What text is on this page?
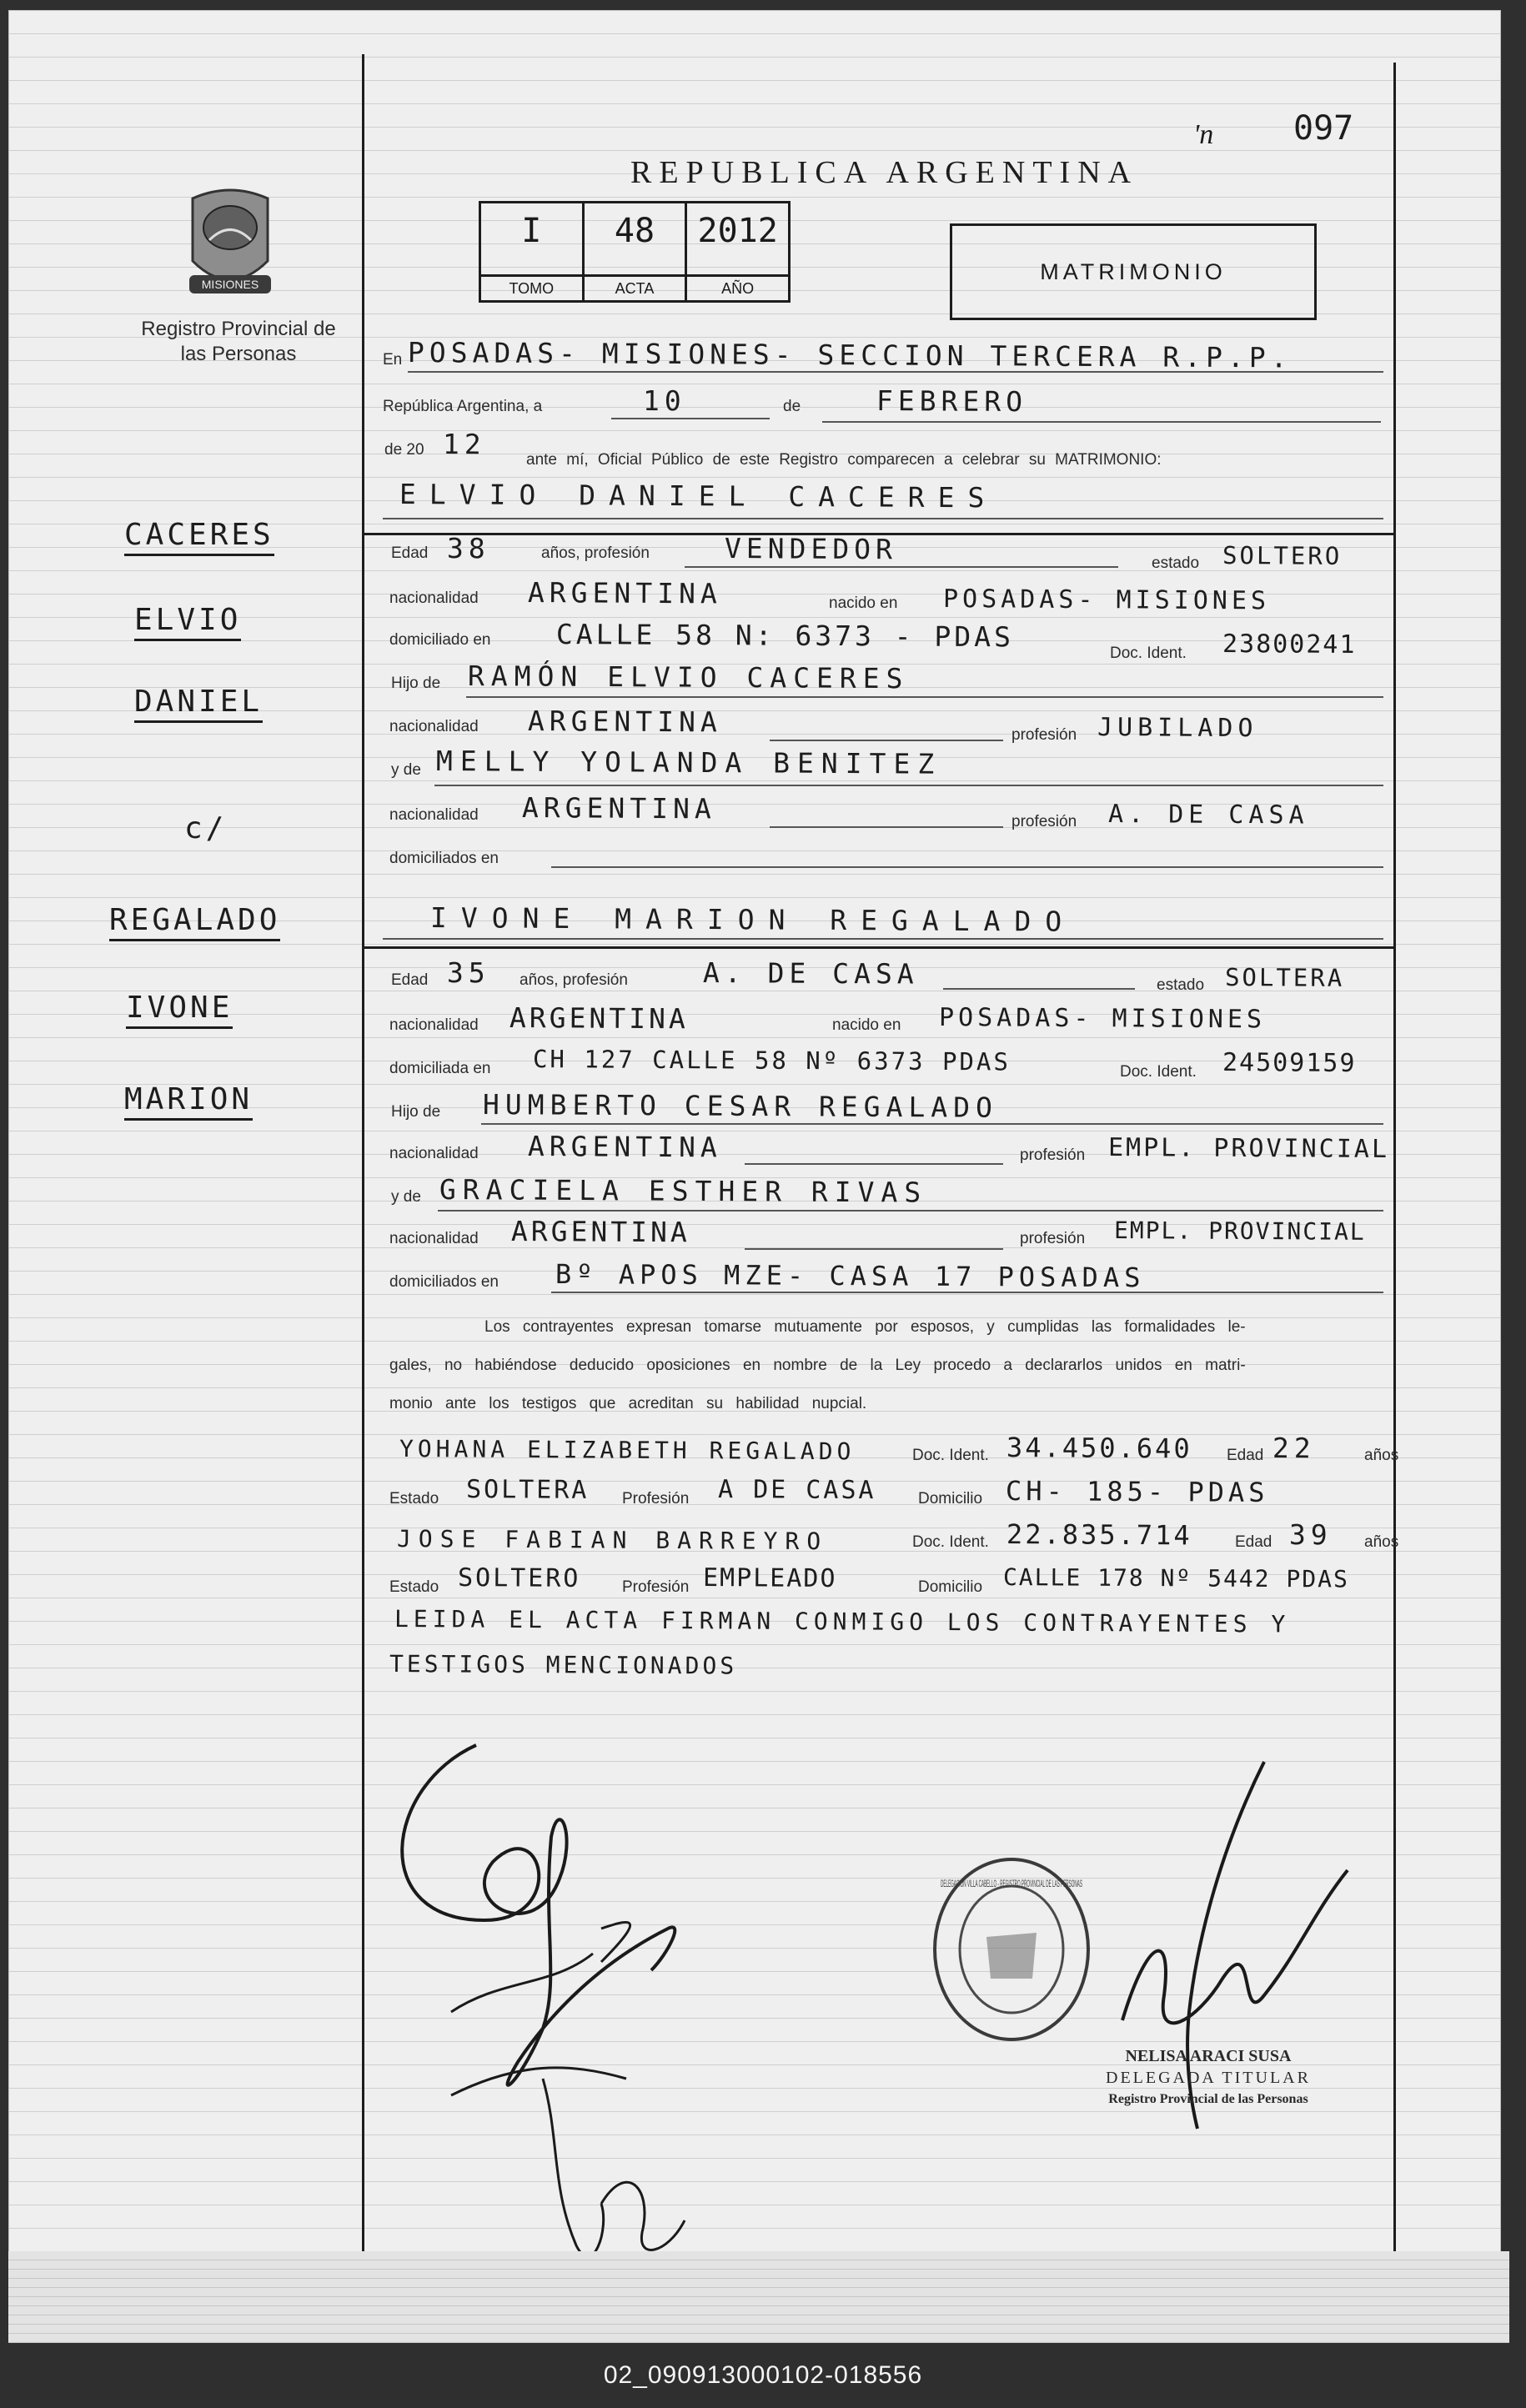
MISIONES
Registro Provincial de las Personas
REPUBLICA ARGENTINA
'n 097
I
TOMO
48
ACTA
2012
AÑO
MATRIMONIO
CACERES
ELVIO
DANIEL
c/
REGALADO
IVONE
MARION
En POSADAS- MISIONES- SECCION TERCERA R.P.P.
República Argentina, a	10	de	FEBRERO
de 20 12	ante mí, Oficial Público de este Registro comparecen a celebrar su MATRIMONIO:
ELVIO DANIEL CACERES
Edad 38	años, profesión	VENDEDOR	estado SOLTERO
nacionalidad ARGENTINA	nacido en POSADAS- MISIONES
domiciliado en CALLE 58 N: 6373 - PDAS
Doc. Ident. 23800241
Hijo de RAMÓN ELVIO CACERES
nacionalidad ARGENTINA	profesión JUBILADO
y de MELLY YOLANDA BENITEZ
nacionalidad ARGENTINA	profesión A. DE CASA
domiciliados en
IVONE MARION REGALADO
Edad 35 años, profesión	A. DE CASA	estado SOLTERA
nacionalidad ARGENTINA	nacido en POSADAS- MISIONES
domiciliada en CH 127 CALLE 58 Nº 6373 PDAS	Doc. Ident. 24509159
Hijo de HUMBERTO CESAR REGALADO
nacionalidad ARGENTINA	profesión EMPL. PROVINCIAL
y de GRACIELA ESTHER RIVAS
nacionalidad ARGENTINA	profesión EMPL. PROVINCIAL
domiciliados en Bº APOS MZE- CASA 17 POSADAS
Los contrayentes expresan tomarse mutuamente por esposos, y cumplidas las formalidades le-
gales, no habiéndose deducido oposiciones en nombre de la Ley procedo a declararlos unidos en matri-
monio ante los testigos que acreditan su habilidad nupcial.
YOHANA ELIZABETH REGALADO	Doc. Ident. 34.450.640 Edad 22	años
Estado SOLTERA Profesión A DE CASA	Domicilio CH- 185- PDAS
JOSE FABIAN BARREYRO	Doc. Ident. 22.835.714	Edad 39 años
Estado SOLTERO	Profesión EMPLEADO	Domicilio CALLE 178 Nº 5442 PDAS
LEIDA EL ACTA FIRMAN CONMIGO LOS CONTRAYENTES Y
TESTIGOS MENCIONADOS
DELEGACION VILLA CABELLO - REGISTRO PROVINCIAL DE LAS PERSONAS
NELISA ARACI SUSA
DELEGADA TITULAR
Registro Provincial de las Personas
02_090913000102-018556
